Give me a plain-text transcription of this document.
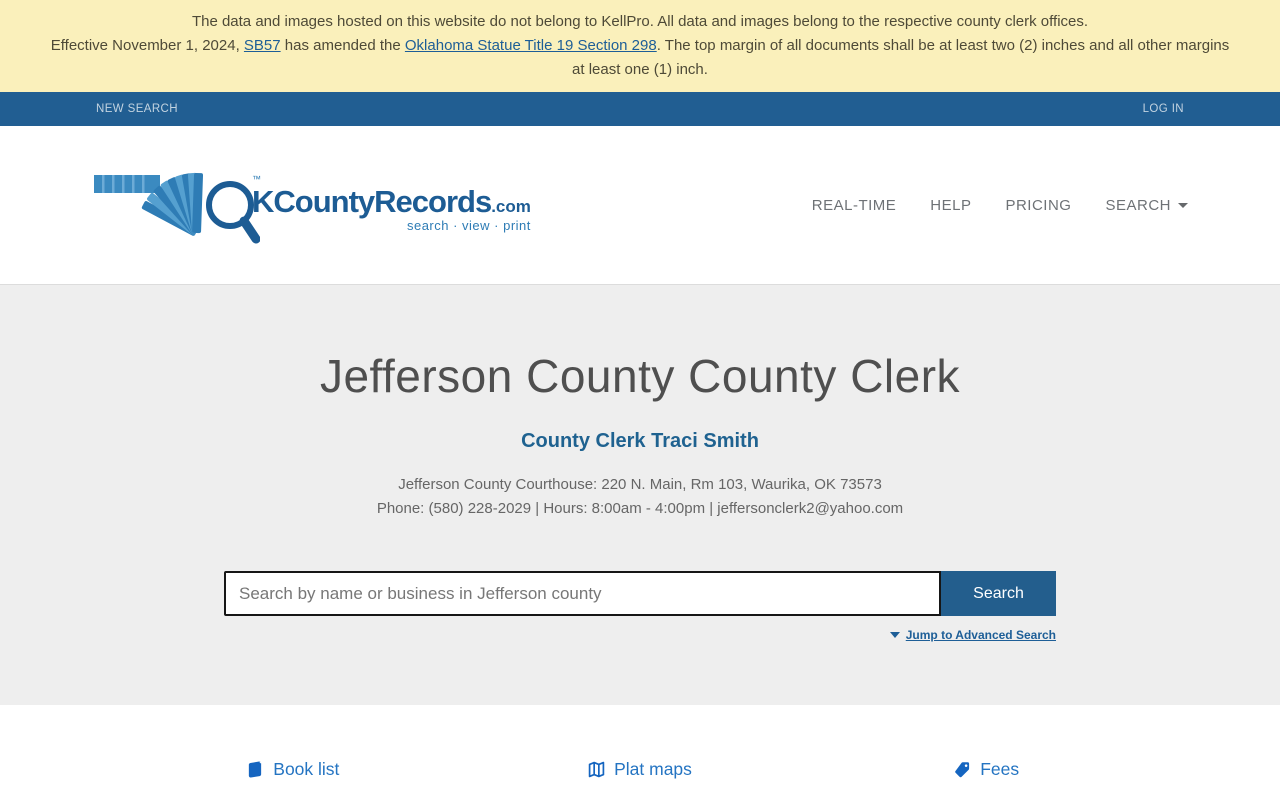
The data and images hosted on this website do not belong to KellPro. All data and images belong to the respective county clerk offices.
Effective November 1, 2024, SB57 has amended the Oklahoma Statue Title 19 Section 298. The top margin of all documents shall be at least two (2) inches and all other margins
at least one (1) inch.
NEW SEARCH	LOG IN
™
KCountyRecords.com
search · view · print
REAL-TIME HELP PRICING SEARCH
Jefferson County County Clerk
County Clerk Traci Smith
Jefferson County Courthouse: 220 N. Main, Rm 103, Waurika, OK 73573
Phone: (580) 228-2029 | Hours: 8:00am - 4:00pm | jeffersonclerk2@yahoo.com
Search by name or business in Jefferson county
Search
Jump to Advanced Search
Book list	Plat maps	Fees
